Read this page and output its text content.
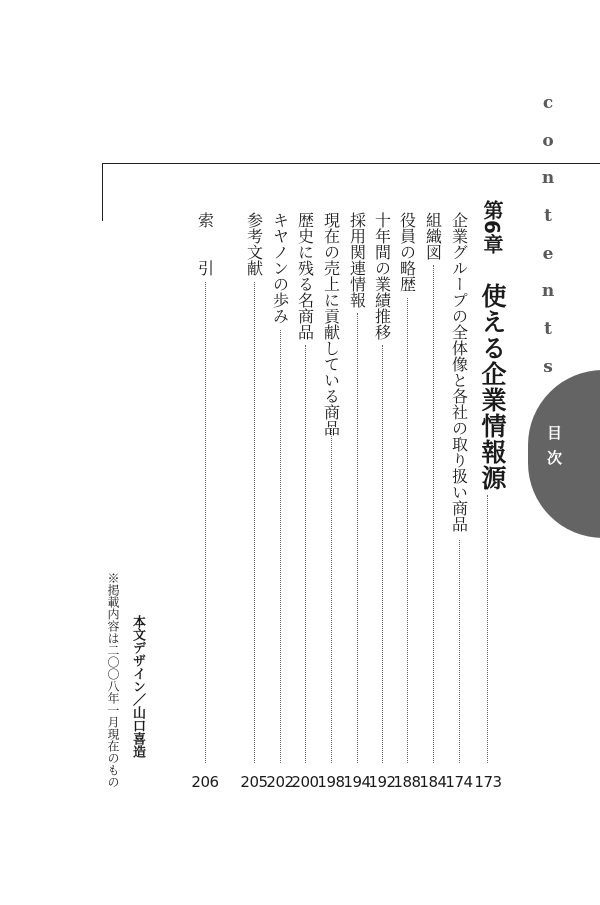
c
o
n
t
e
n
t
s
目次
第6章
使える企業情報源
173
企業グループの全体像と各社の取り扱い商品
174
組織図
184
役員の略歴
188
十年間の業績推移
192
採用関連情報
194
現在の売上に貢献している商品
198
歴史に残る名商品
200
キヤノンの歩み
202
参考文献
205
索　　引
206
本文デザイン／山口喜造
※掲載内容は二〇〇八年一月現在のもの
